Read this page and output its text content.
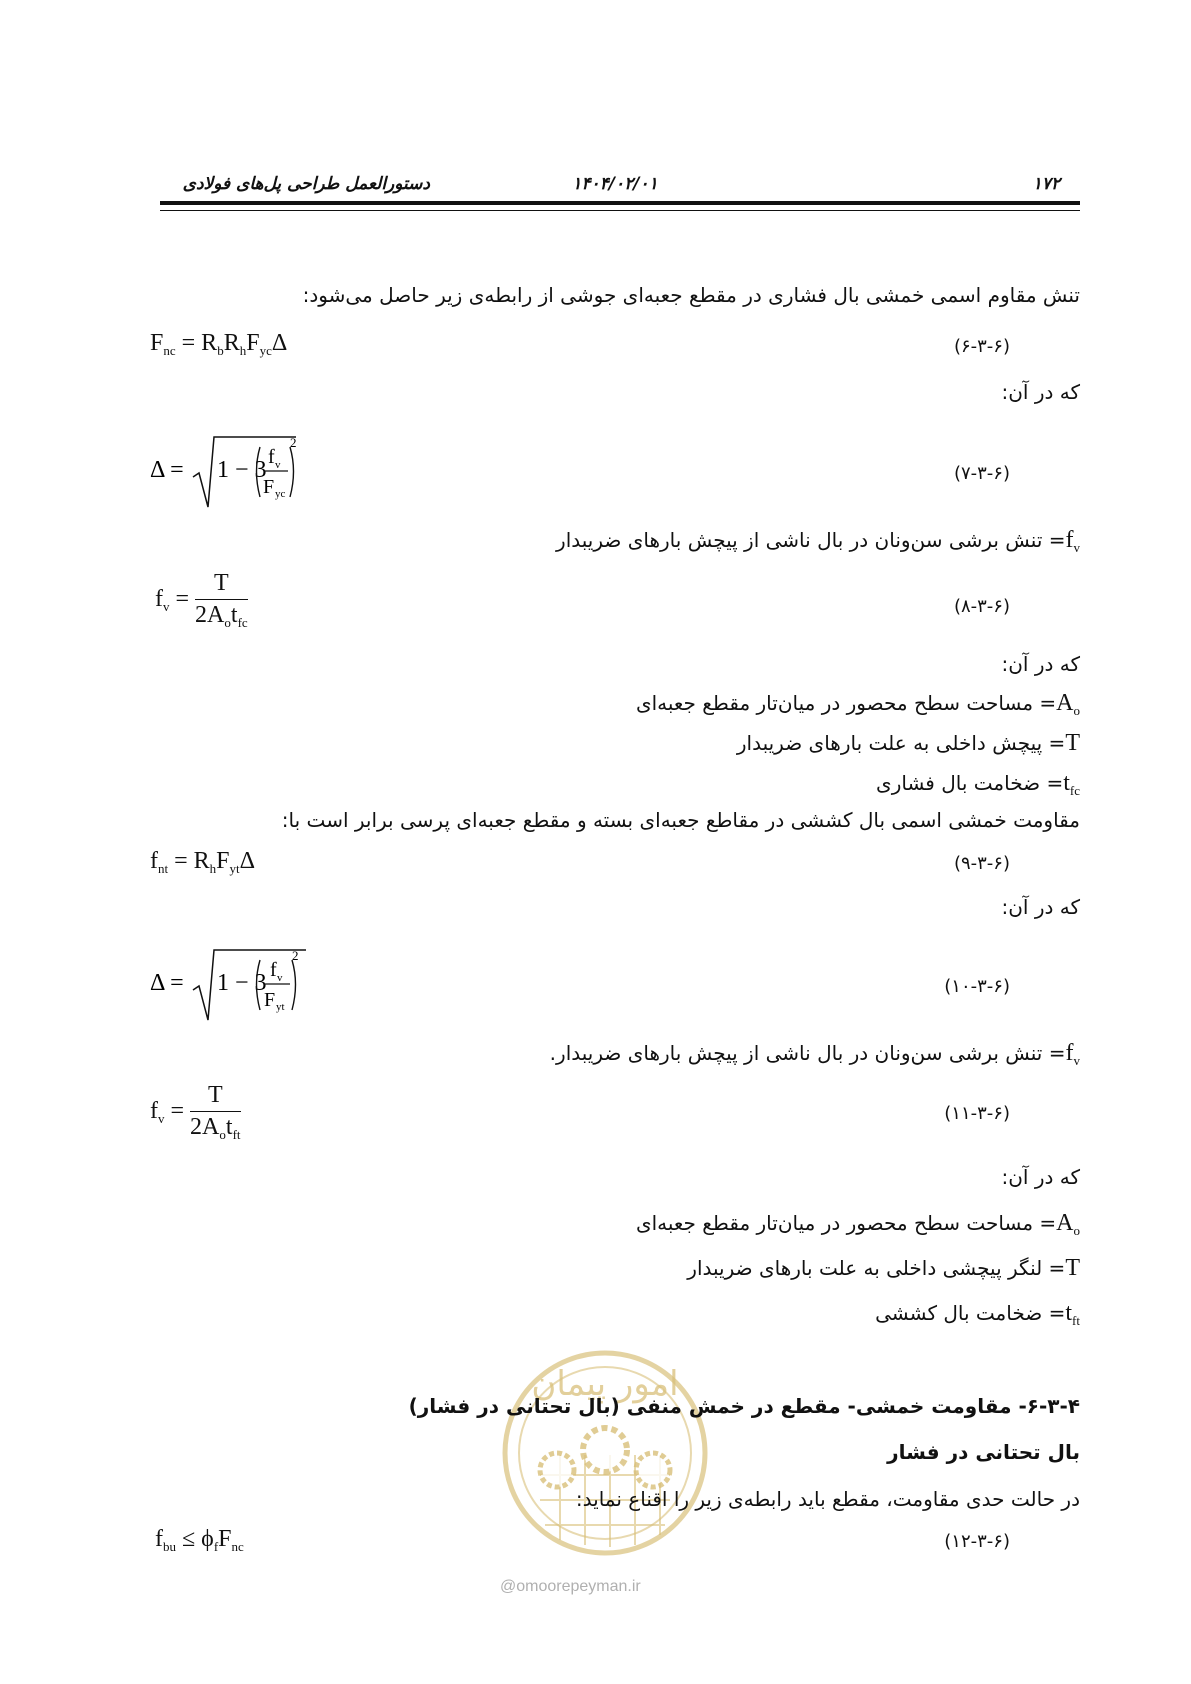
۱۷۲
۱۴۰۴/۰۲/۰۱
دستورالعمل طراحی پل‌های فولادی
تنش مقاوم اسمی خمشی بال فشاری در مقطع جعبه‌ای جوشی از رابطه‌ی زیر حاصل می‌شود:
$F_{nc} = R_bR_hF_{yc}\Delta$	(۶-۳-۶)
که در آن:
Δ = 1 − 3 f v
F yc
2
(۷-۳-۶)
$f_v=$ تنش برشی سن‌ونان در بال ناشی از پیچش بارهای ضریبدار
$f_v = \frac{T}{2A_ot_{fc}}$	(۸-۳-۶)
که در آن:
$A_o=$ مساحت سطح محصور در میان‌تار مقطع جعبه‌ای
T= پیچش داخلی به علت بارهای ضریبدار
$t_{fc}=$ ضخامت بال فشاری
مقاومت خمشی اسمی بال کششی در مقاطع جعبه‌ای بسته و مقطع جعبه‌ای پرسی برابر است با:
$f_{nt} = R_hF_{yt}\Delta$	(۹-۳-۶)
که در آن:
Δ = 1 − 3 f v
F yt
2
(۱۰-۳-۶)
$f_v=$ تنش برشی سن‌ونان در بال ناشی از پیچش بارهای ضریبدار.
$f_v = \frac{T}{2A_ot_{ft}}$	(۱۱-۳-۶)
که در آن:
$A_o=$ مساحت سطح محصور در میان‌تار مقطع جعبه‌ای
T= لنگر پیچشی داخلی به علت بارهای ضریبدار
$t_{ft}=$ ضخامت بال کششی
امور پیمان
۶-۳-۴- مقاومت خمشی- مقطع در خمش منفی (بال تحتانی در فشار)
بال تحتانی در فشار
در حالت حدی مقاومت، مقطع باید رابطه‌ی زیر را اقناع نماید:
$f_{bu} \le \phi_fF_{nc}$	(۱۲-۳-۶)
@omoorepeyman.ir
